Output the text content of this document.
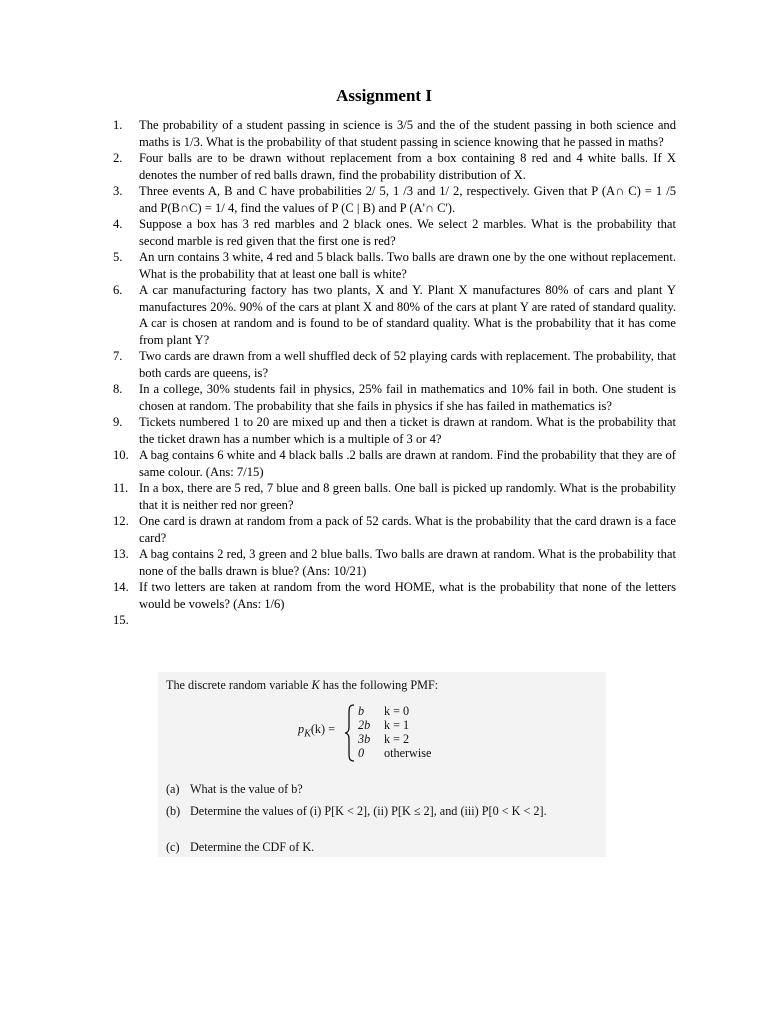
Assignment I
1. The probability of a student passing in science is 3/5 and the of the student passing in both science and maths is 1/3. What is the probability of that student passing in science knowing that he passed in maths?
2. Four balls are to be drawn without replacement from a box containing 8 red and 4 white balls. If X denotes the number of red balls drawn, find the probability distribution of X.
3. Three events A, B and C have probabilities 2/ 5, 1 /3 and 1/ 2, respectively. Given that P (A∩ C) = 1 /5 and P(B∩C) = 1/ 4, find the values of P (C | B) and P (A'∩ C').
4. Suppose a box has 3 red marbles and 2 black ones. We select 2 marbles. What is the probability that second marble is red given that the first one is red?
5. An urn contains 3 white, 4 red and 5 black balls. Two balls are drawn one by the one without replacement. What is the probability that at least one ball is white?
6. A car manufacturing factory has two plants, X and Y. Plant X manufactures 80% of cars and plant Y manufactures 20%. 90% of the cars at plant X and 80% of the cars at plant Y are rated of standard quality. A car is chosen at random and is found to be of standard quality. What is the probability that it has come from plant Y?
7. Two cards are drawn from a well shuffled deck of 52 playing cards with replacement. The probability, that both cards are queens, is?
8. In a college, 30% students fail in physics, 25% fail in mathematics and 10% fail in both. One student is chosen at random. The probability that she fails in physics if she has failed in mathematics is?
9. Tickets numbered 1 to 20 are mixed up and then a ticket is drawn at random. What is the probability that the ticket drawn has a number which is a multiple of 3 or 4?
10. A bag contains 6 white and 4 black balls .2 balls are drawn at random. Find the probability that they are of same colour. (Ans: 7/15)
11. In a box, there are 5 red, 7 blue and 8 green balls. One ball is picked up randomly. What is the probability that it is neither red nor green?
12. One card is drawn at random from a pack of 52 cards. What is the probability that the card drawn is a face card?
13. A bag contains 2 red, 3 green and 2 blue balls. Two balls are drawn at random. What is the probability that none of the balls drawn is blue? (Ans: 10/21)
14. If two letters are taken at random from the word HOME, what is the probability that none of the letters would be vowels? (Ans: 1/6)
15.
The discrete random variable K has the following PMF:
$p_K(k)$ =
b k = 0
2b k = 1
3b k = 2
0 otherwise
(a) What is the value of b?
(b) Determine the values of (i) P[K < 2], (ii) P[K ≤ 2], and (iii) P[0 < K < 2].
(c) Determine the CDF of K.
